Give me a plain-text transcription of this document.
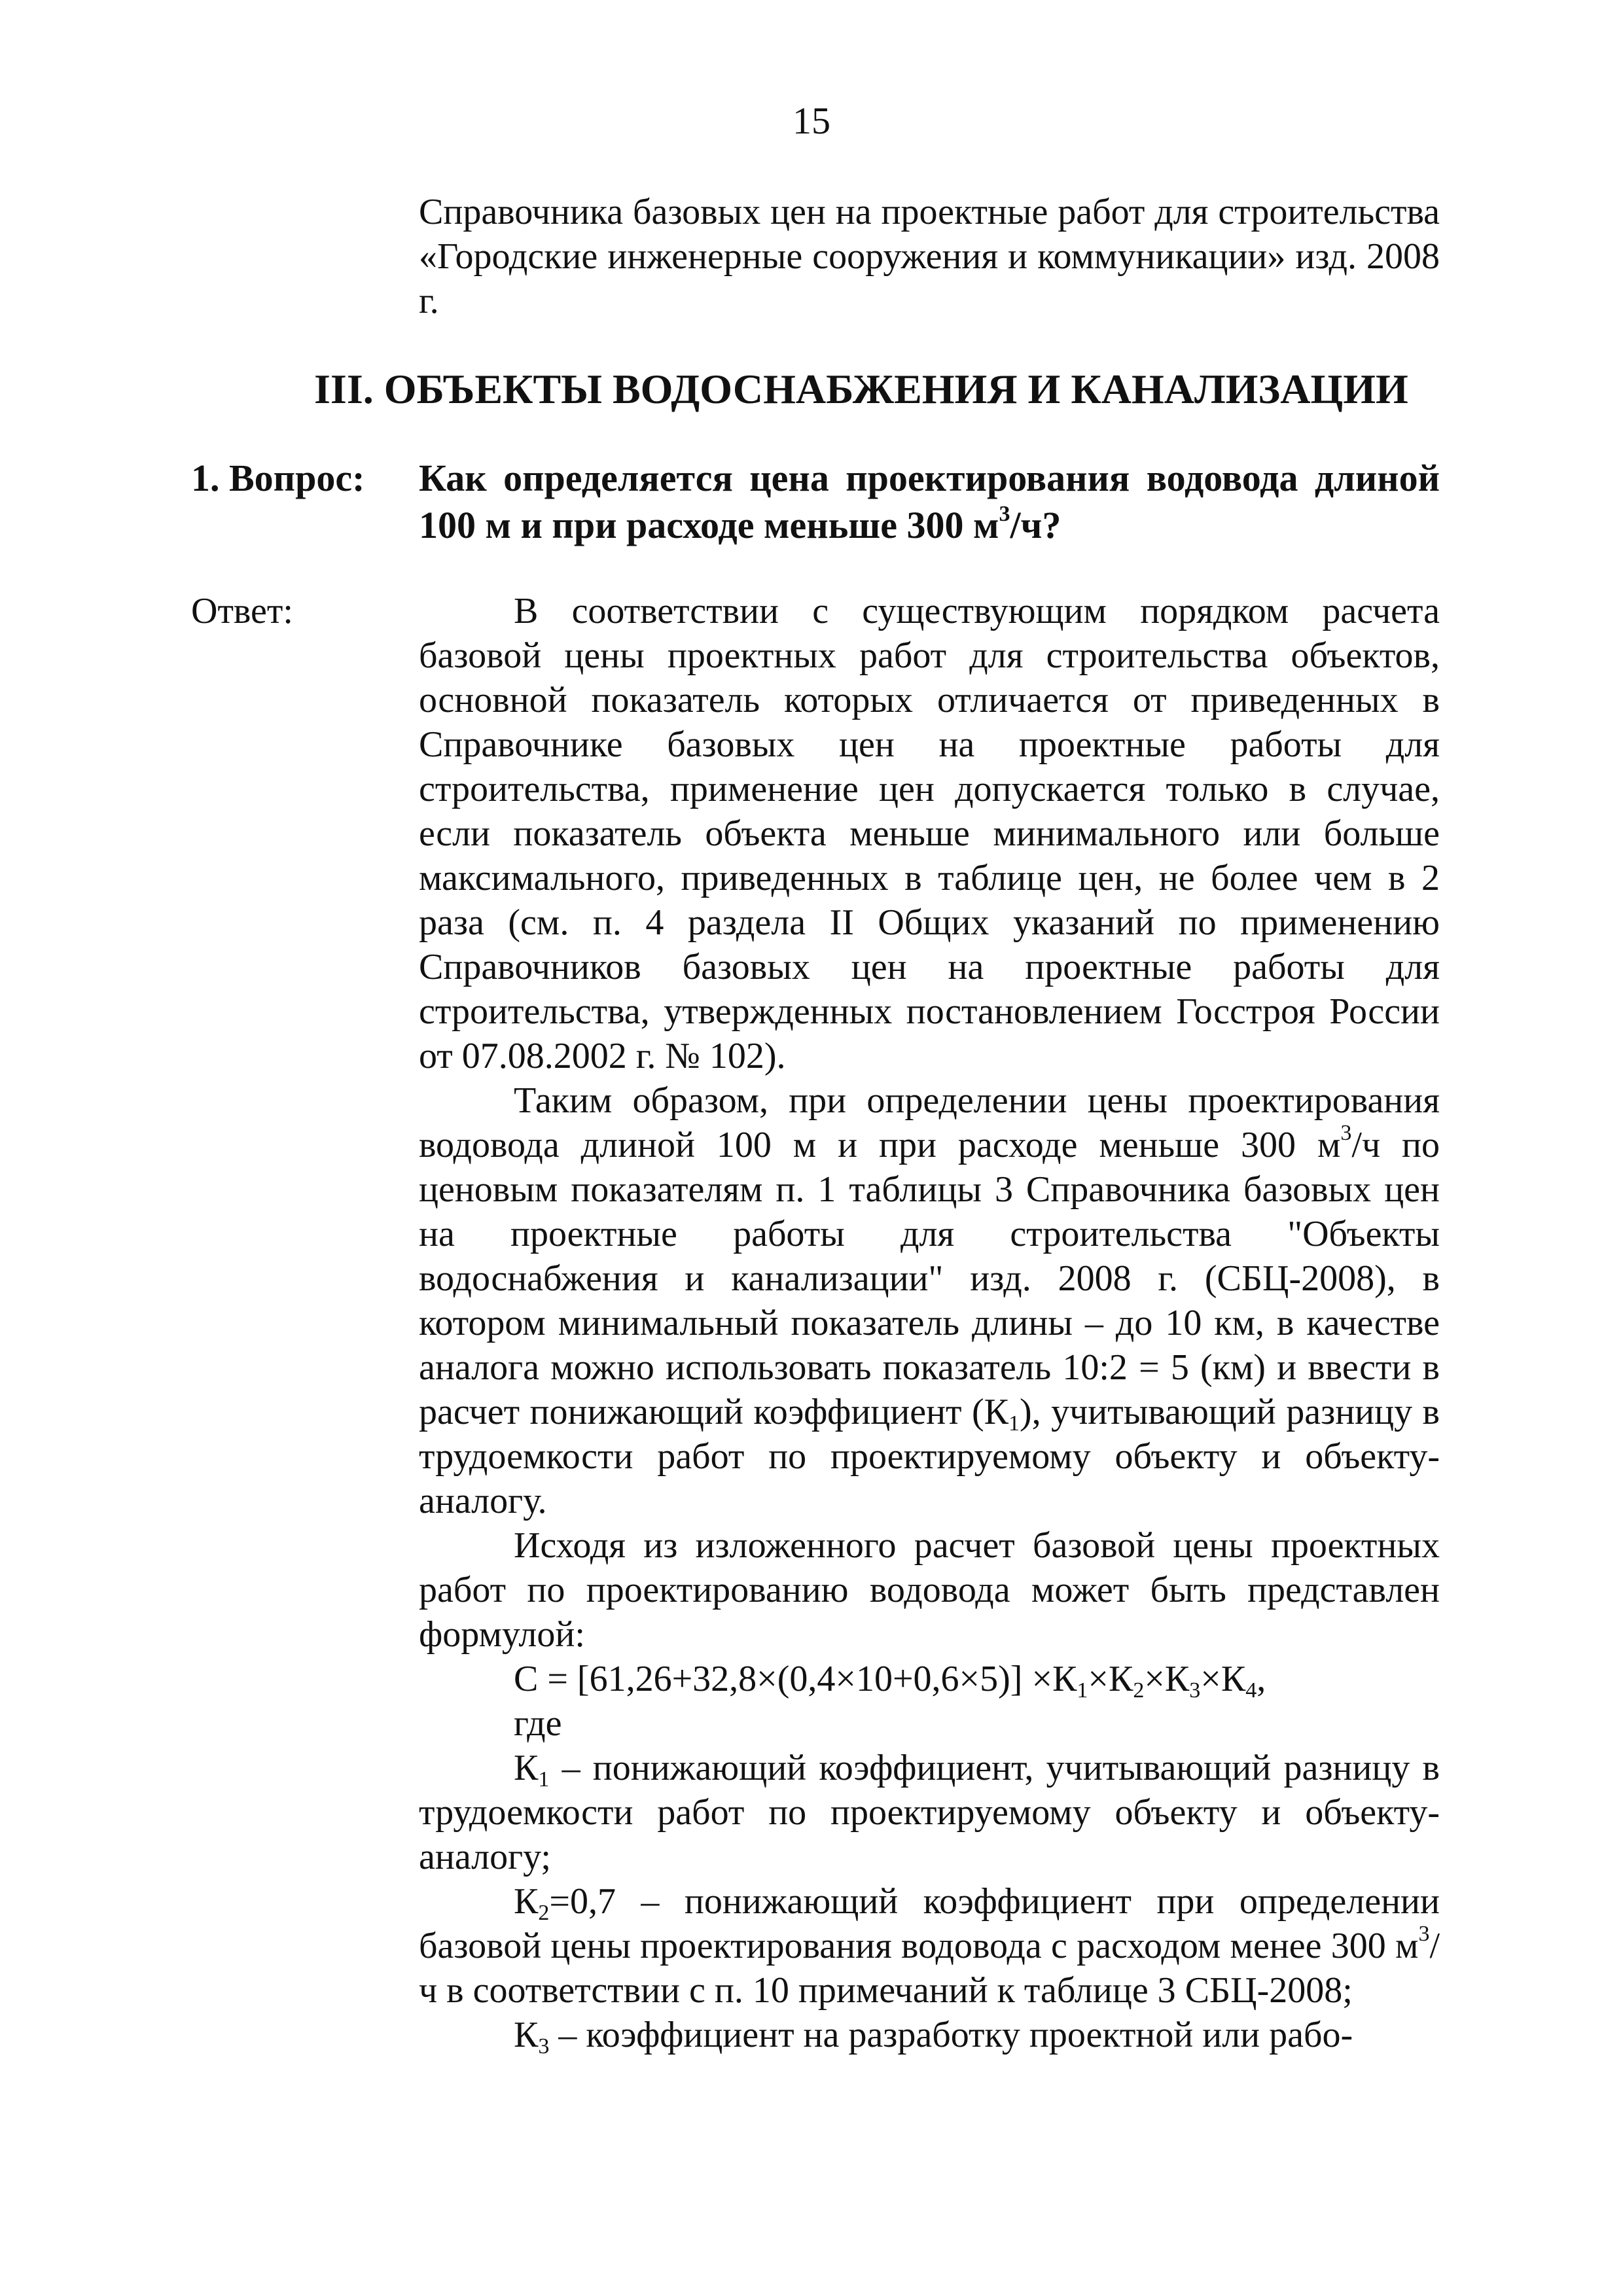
15
Справочника базовых цен на проектные работ для строительства «Городские инженерные сооружения и коммуникации» изд. 2008 г.
III. ОБЪЕКТЫ ВОДОСНАБЖЕНИЯ И КАНАЛИЗАЦИИ
1. Вопрос:	Как определяется цена проектирования водовода длиной 100 м и при расходе меньше 300 $м^3/ч$?
Ответ:	В соответствии с существующим порядком расчета базовой цены проектных работ для строительства объектов, основной показатель которых отличается от приведенных в Справочнике базовых цен на проектные работы для строительства, применение цен допускается только в случае, если показатель объекта меньше минимального или больше максимального, приведенных в таблице цен, не более чем в 2 раза (см. п. 4 раздела II Общих указаний по применению Справочников базовых цен на проектные работы для строительства, утвержденных постановлением Госстроя России от 07.08.2002 г. № 102).

Таким образом, при определении цены проектирования водовода длиной 100 м и при расходе меньше 300 $м^3/ч$ по ценовым показателям п. 1 таблицы 3 Справочника базовых цен на проектные работы для строительства "Объекты водоснабжения и канализации" изд. 2008 г. (СБЦ-2008), в котором минимальный показатель длины – до 10 км, в качестве аналога можно использовать показатель 10:2 = 5 (км) и ввести в расчет понижающий коэффициент $(К_1)$, учитывающий разницу в трудоемкости работ по проектируемому объекту и объекту-аналогу.

Исходя из изложенного расчет базовой цены проектных работ по проектированию водовода может быть представлен формулой:

$С = [61,26+32,8\times(0,4\times 10+0,6\times 5)] \times К_1\times К_2\times К_3\times К_4$,

где

$К_1$ – понижающий коэффициент, учитывающий разницу в трудоемкости работ по проектируемому объекту и объекту-аналогу;

$К_2=0,7$ – понижающий коэффициент при определении базовой цены проектирования водовода с расходом менее 300 $м^3/ч$ в соответствии с п. 10 примечаний к таблице 3 СБЦ-2008;

$К_3$ – коэффициент на разработку проектной или рабо-
